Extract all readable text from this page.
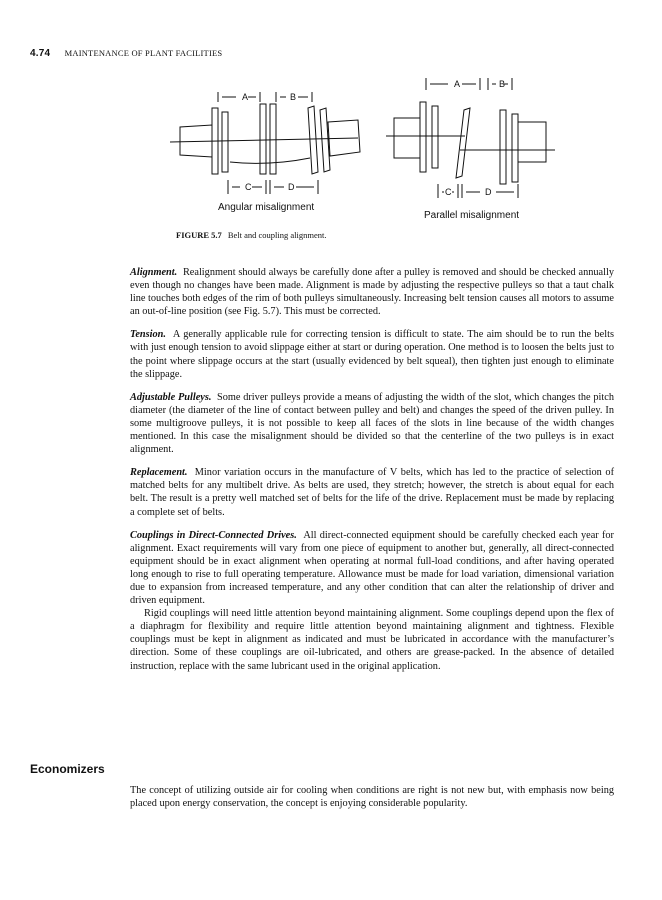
4.74 MAINTENANCE OF PLANT FACILITIES
A	B
C	D
Angular misalignment
A	B
C	D
Parallel misalignment
FIGURE 5.7 Belt and coupling alignment.

Alignment. Realignment should always be carefully done after a pulley is removed and should be checked annually even though no changes have been made. Alignment is made by adjusting the respective pulleys so that a taut chalk line touches both edges of the rim of both pulleys simultaneously. Increasing belt tension causes all motors to assume an out-of-line position (see Fig. 5.7). This must be corrected.

Tension. A generally applicable rule for correcting tension is difficult to state. The aim should be to run the belts with just enough tension to avoid slippage either at start or during operation. One method is to loosen the belts just to the point where slippage occurs at the start (usually evidenced by belt squeal), then tighten just enough to eliminate the slippage.

Adjustable Pulleys. Some driver pulleys provide a means of adjusting the width of the slot, which changes the pitch diameter (the diameter of the line of contact between pulley and belt) and changes the speed of the driven pulley. In some multigroove pulleys, it is not possible to keep all faces of the slots in line because of the width changes mentioned. In this case the misalignment should be divided so that the centerline of the two pulleys is in exact alignment.

Replacement. Minor variation occurs in the manufacture of V belts, which has led to the practice of selection of matched belts for any multibelt drive. As belts are used, they stretch; however, the stretch is about equal for each belt. The result is a pretty well matched set of belts for the life of the drive. Replacement must be made by replacing a complete set of belts.

Couplings in Direct-Connected Drives. All direct-connected equipment should be carefully checked each year for alignment. Exact requirements will vary from one piece of equipment to another but, generally, all direct-connected equipment should be in exact alignment when operating at normal full-load conditions, and after having operated long enough to rise to full operating temperature. Allowance must be made for load variation, dimensional variation due to expansion from increased temperature, and any other condition that can alter the relationship of driver and driven equipment.

Rigid couplings will need little attention beyond maintaining alignment. Some couplings depend upon the flex of a diaphragm for flexibility and require little attention beyond maintaining alignment and tightness. Flexible couplings must be kept in alignment as indicated and must be lubricated in accordance with the manufacturer’s direction. Some of these couplings are oil-lubricated, and others are grease-packed. In the absence of detailed instruction, replace with the same lubricant used in the original application.

Economizers

The concept of utilizing outside air for cooling when conditions are right is not new but, with emphasis now being placed upon energy conservation, the concept is enjoying considerable popularity.
